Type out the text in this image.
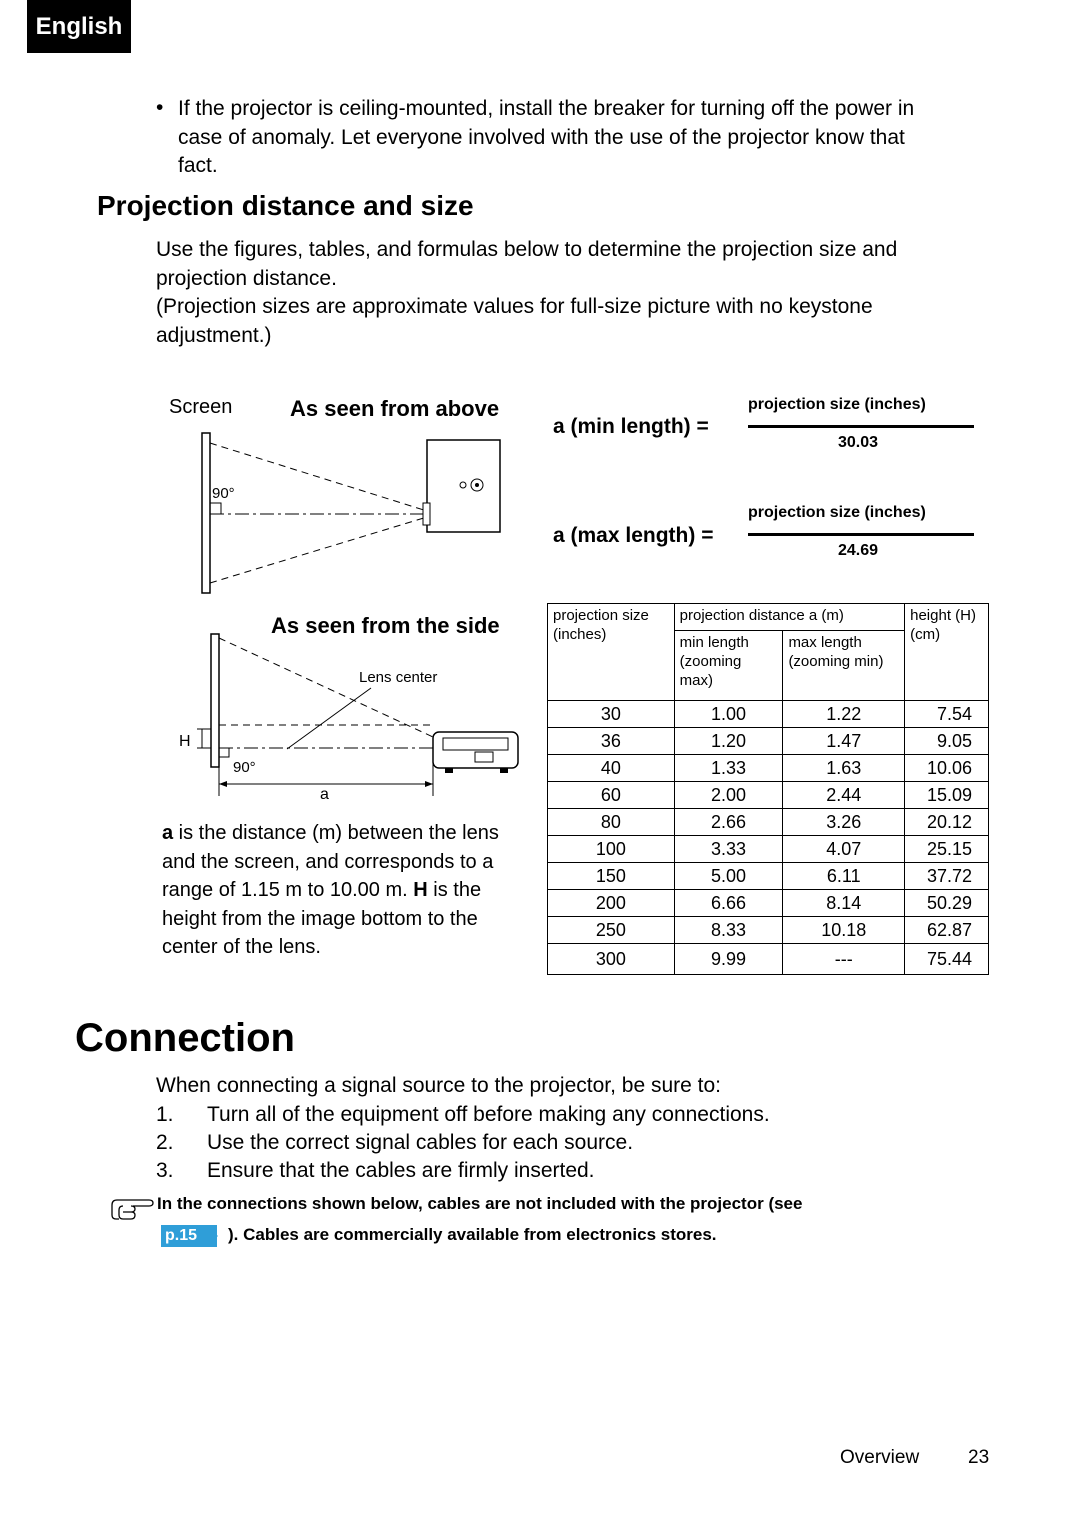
English
• If the projector is ceiling-mounted, install the breaker for turning off the power in
case of anomaly. Let everyone involved with the use of the projector know that
fact.
Projection distance and size
Use the figures, tables, and formulas below to determine the projection size and
projection distance.
(Projection sizes are approximate values for full-size picture with no keystone
adjustment.)
Screen	As seen from above
90°
As seen from the side
Lens center
H
90°
a
a (min length) =
projection size (inches)
30.03
a (max length) =
projection size (inches)
24.69
a is the distance (m) between the lens and the screen, and corresponds to a range of 1.15 m to 10.00 m. H is the height from the image bottom to the center of the lens.
projection size (inches)	projection distance a (m)		height (H) (cm)
	min length (zooming max)	max length (zooming min)	
30	1.00	1.22	7.54
36	1.20	1.47	9.05
40	1.33	1.63	10.06
60	2.00	2.44	15.09
80	2.66	3.26	20.12
100	3.33	4.07	25.15
150	5.00	6.11	37.72
200	6.66	8.14	50.29
250	8.33	10.18	62.87
300	9.99	---	75.44
Connection
When connecting a signal source to the projector, be sure to:
1. Turn all of the equipment off before making any connections.
2. Use the correct signal cables for each source.
3. Ensure that the cables are firmly inserted.
In the connections shown below, cables are not included with the projector (see
p.15 ). Cables are commercially available from electronics stores.
Overview	23
